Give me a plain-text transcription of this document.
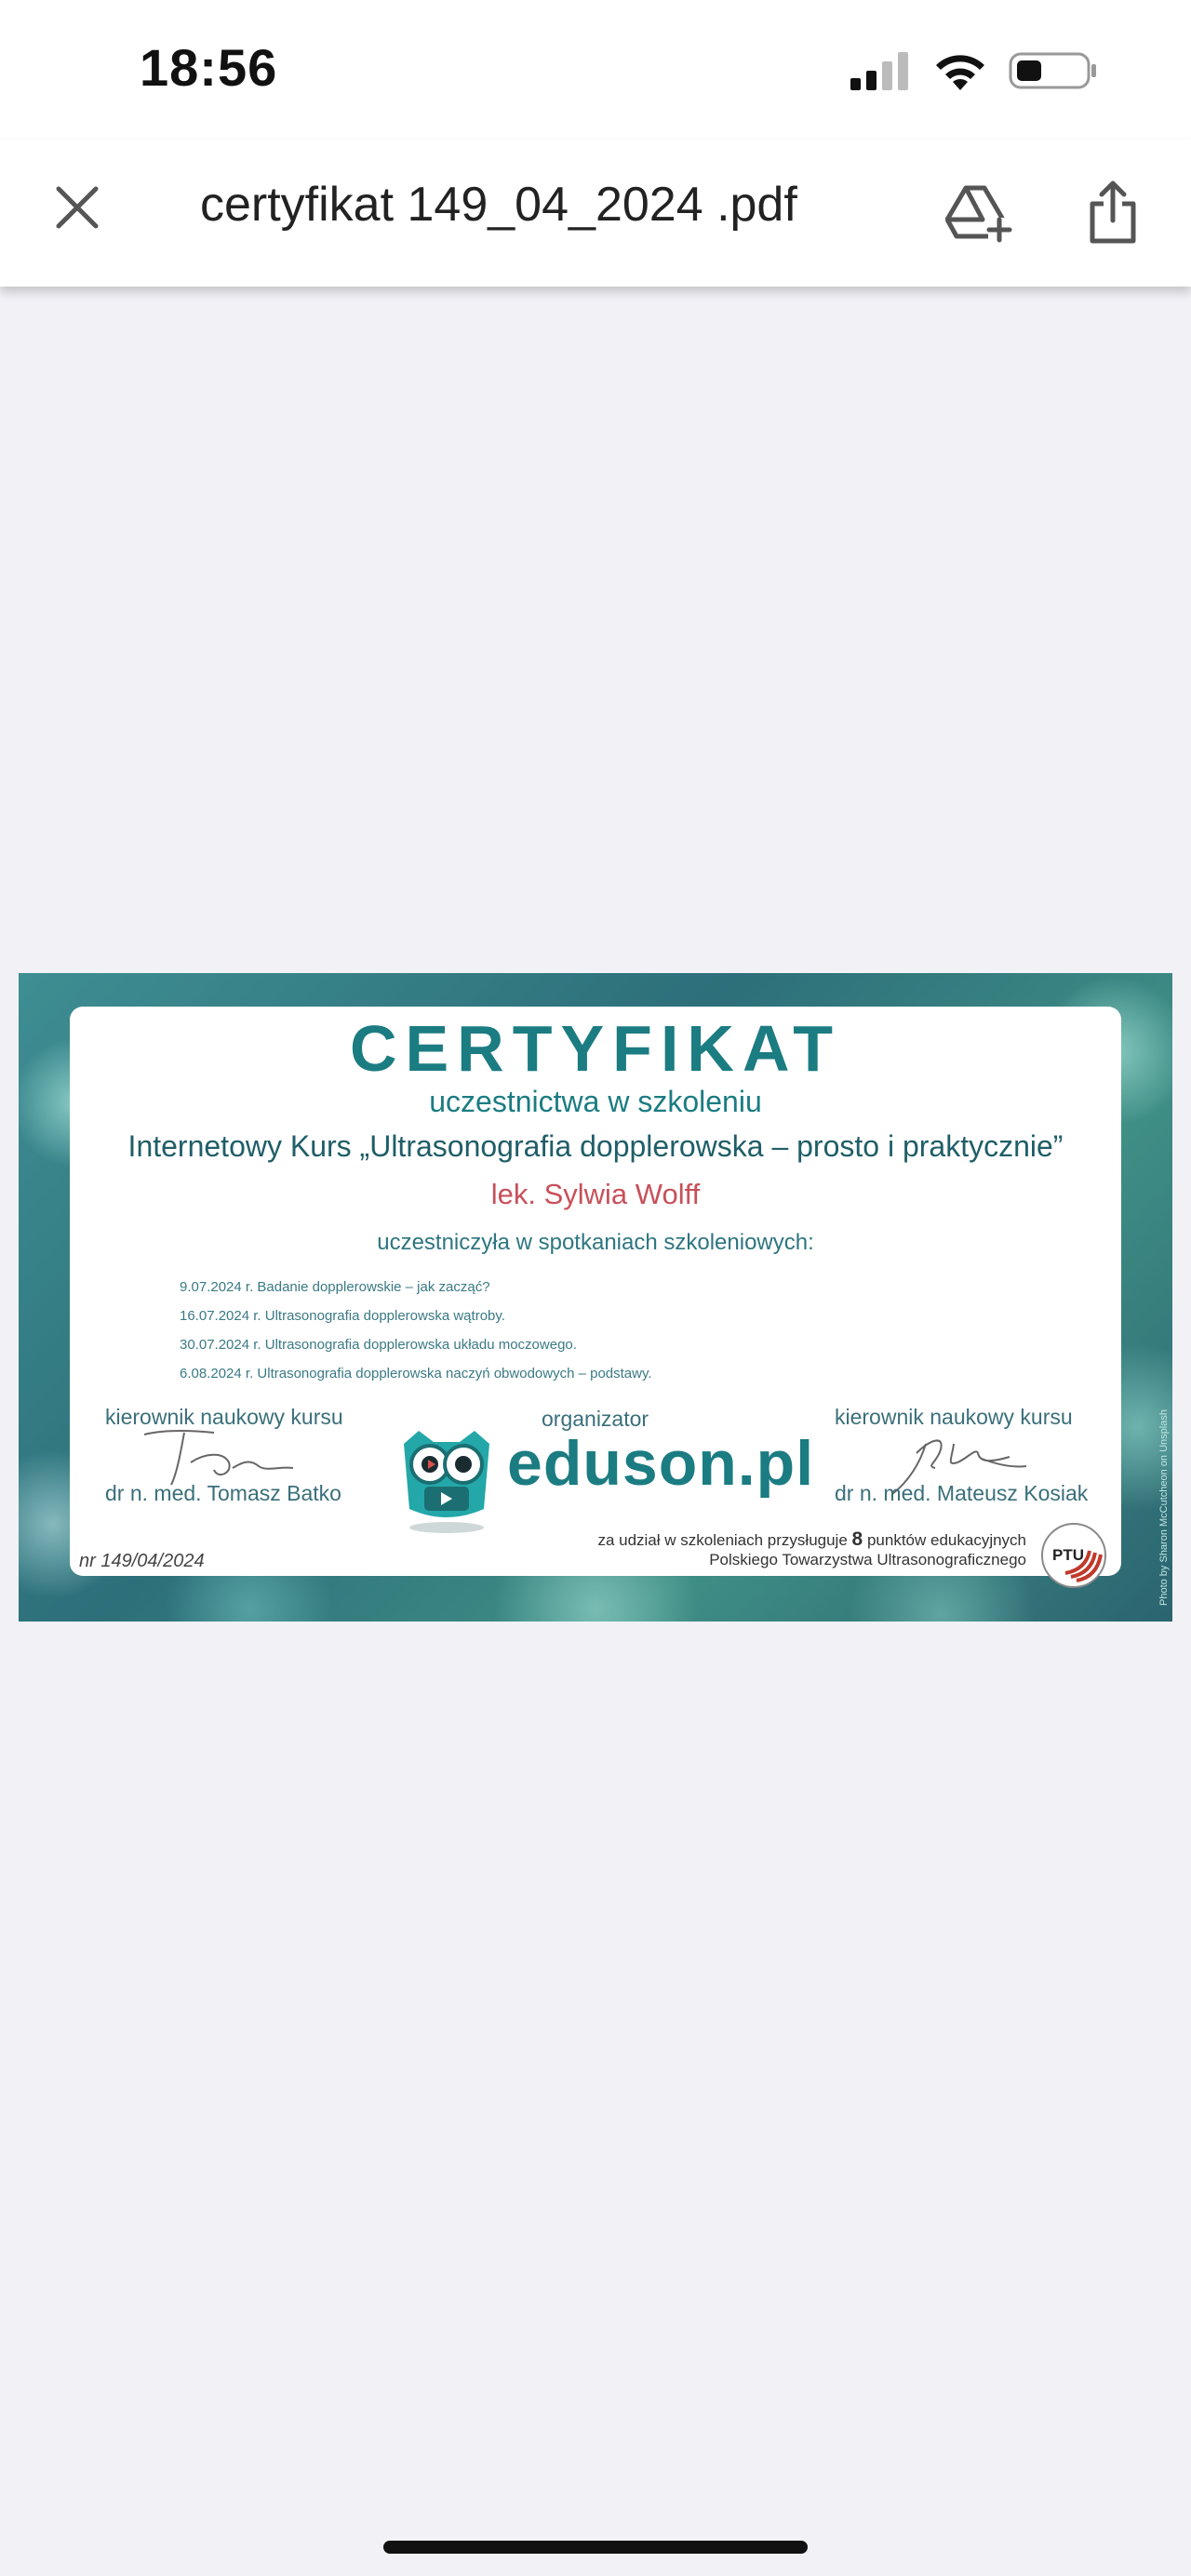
18:56
certyfikat 149_04_2024 .pdf
CERTYFIKAT
uczestnictwa w szkoleniu
Internetowy Kurs „Ultrasonografia dopplerowska – prosto i praktycznie”
lek. Sylwia Wolff
uczestniczyła w spotkaniach szkoleniowych:
9.07.2024 r. Badanie dopplerowskie – jak zacząć?
16.07.2024 r. Ultrasonografia dopplerowska wątroby.
30.07.2024 r. Ultrasonografia dopplerowska układu moczowego.
6.08.2024 r. Ultrasonografia dopplerowska naczyń obwodowych – podstawy.
kierownik naukowy kursu
dr n. med. Tomasz Batko
organizator
eduson.pl
kierownik naukowy kursu
dr n. med. Mateusz Kosiak
za udział w szkoleniach przysługuje 8 punktów edukacyjnych
Polskiego Towarzystwa Ultrasonograficznego PTU
nr 149/04/2024	Photo by Sharon McCutcheon on Unsplash
